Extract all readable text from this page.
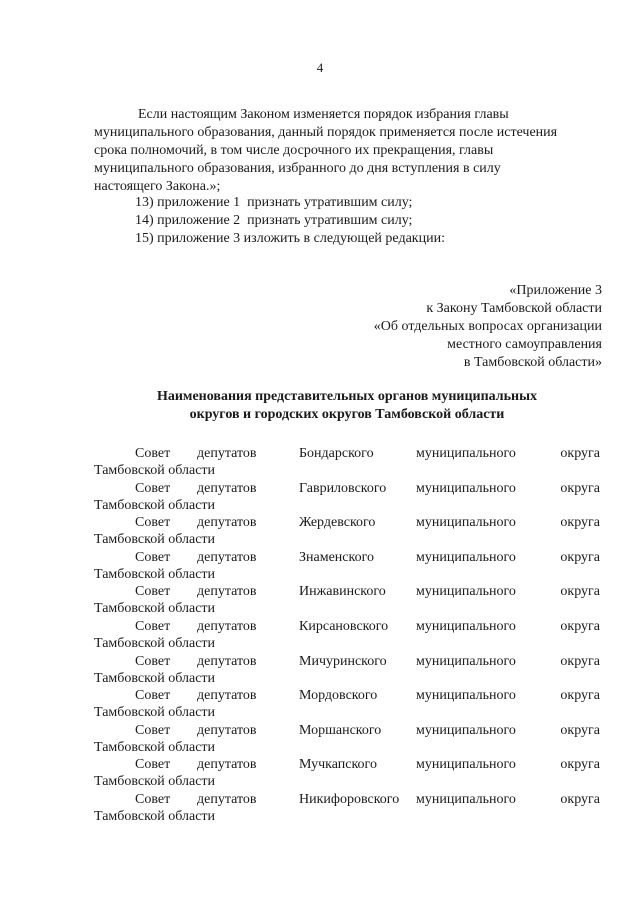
4
Если настоящим Законом изменяется порядок избрания главы
муниципального образования, данный порядок применяется после истечения
срока полномочий, в том числе досрочного их прекращения, главы
муниципального образования, избранного до дня вступления в силу
настоящего Закона.»;
13) приложение 1  признать утратившим силу;
14) приложение 2  признать утратившим силу;
15) приложение 3 изложить в следующей редакции:
«Приложение 3
к Закону Тамбовской области
«Об отдельных вопросах организации
местного самоуправления
в Тамбовской области»
Наименования представительных органов муниципальных
округов и городских округов Тамбовской области
Совет депутатов	Бондарского	муниципального	округа
Тамбовской области
Совет депутатов	Гавриловского муниципального	округа
Тамбовской области
Совет депутатов	Жердевского	муниципального	округа
Тамбовской области
Совет депутатов	Знаменского	муниципального	округа
Тамбовской области
Совет депутатов	Инжавинского муниципального	округа
Тамбовской области
Совет депутатов	Кирсановского муниципального	округа
Тамбовской области
Совет депутатов	Мичуринского муниципального	округа
Тамбовской области
Совет депутатов	Мордовского	муниципального	округа
Тамбовской области
Совет депутатов	Моршанского муниципального	округа
Тамбовской области
Совет депутатов	Мучкапского	муниципального	округа
Тамбовской области
Совет депутатов	Никифоровского муниципального	округа
Тамбовской области
